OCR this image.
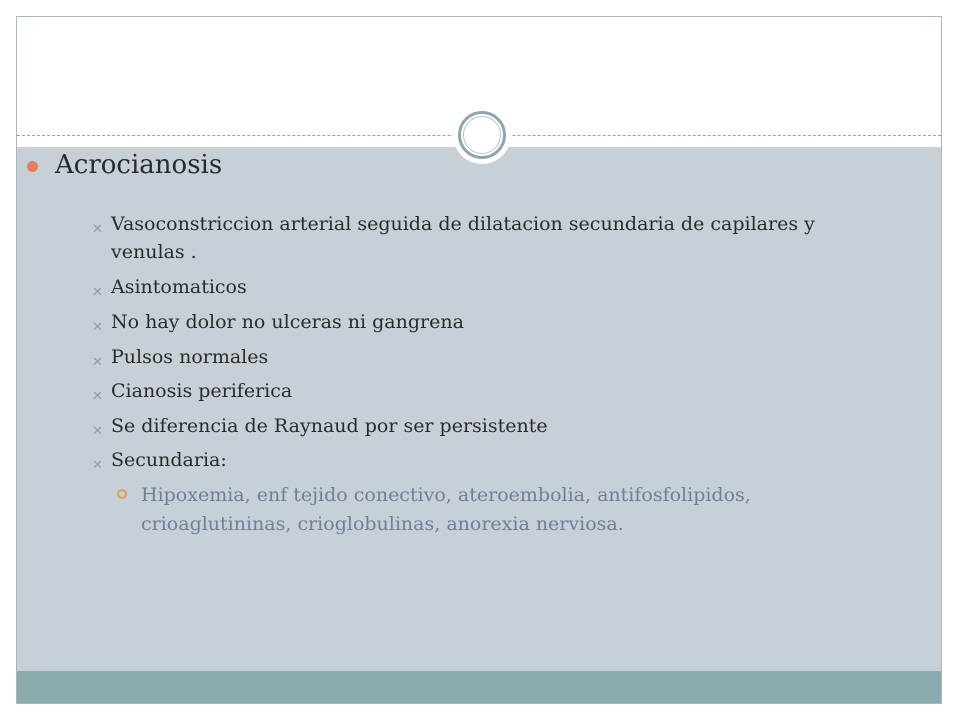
Acrocianosis
✕ Vasoconstriccion arterial seguida de dilatacion secundaria de capilares y venulas .
✕ Asintomaticos
✕ No hay dolor no ulceras ni gangrena
✕ Pulsos normales
✕ Cianosis periferica
✕ Se diferencia de Raynaud por ser persistente
✕ Secundaria:
Hipoxemia, enf tejido conectivo, ateroembolia, antifosfolipidos, crioaglutininas, crioglobulinas, anorexia nerviosa.
